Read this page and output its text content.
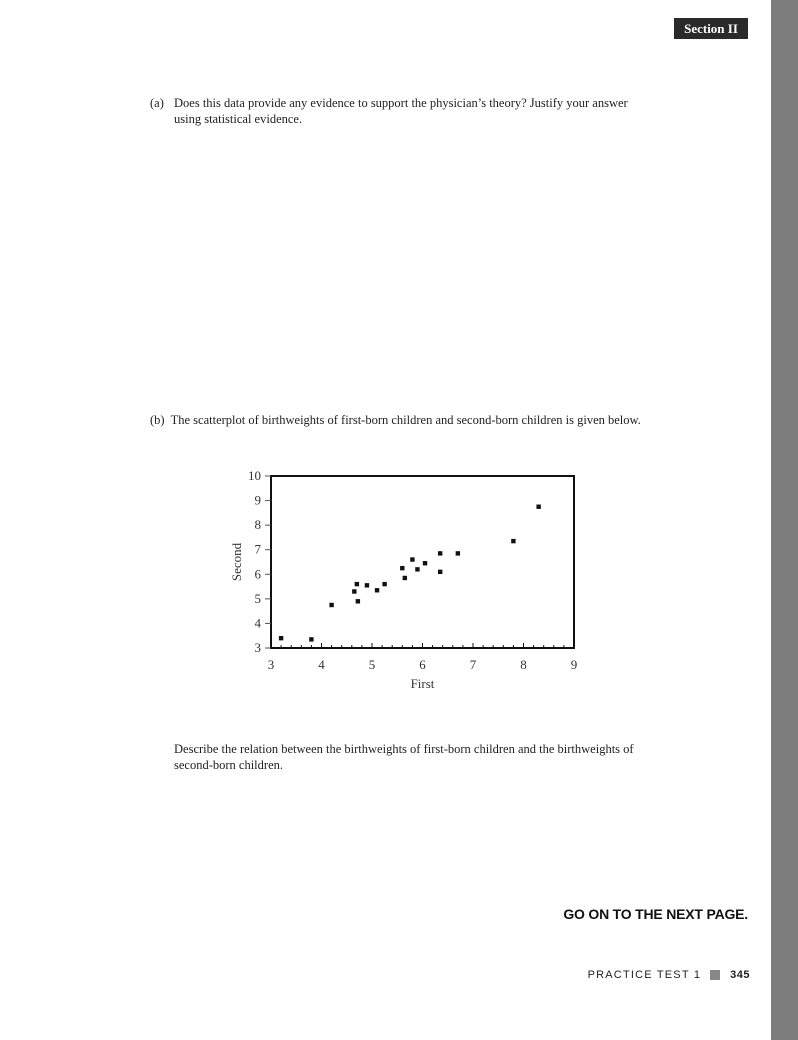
Section II
(a) Does this data provide any evidence to support the physician’s theory? Justify your answer
using statistical evidence.
(b) The scatterplot of birthweights of first-born children and second-born children is given below.
3	4	5	6	7	8	9
3
4
5
6
7
8
9
10
First
Second
Describe the relation between the birthweights of first-born children and the birthweights of
second-born children.
GO ON TO THE NEXT PAGE.
PRACTICE TEST 1	345
